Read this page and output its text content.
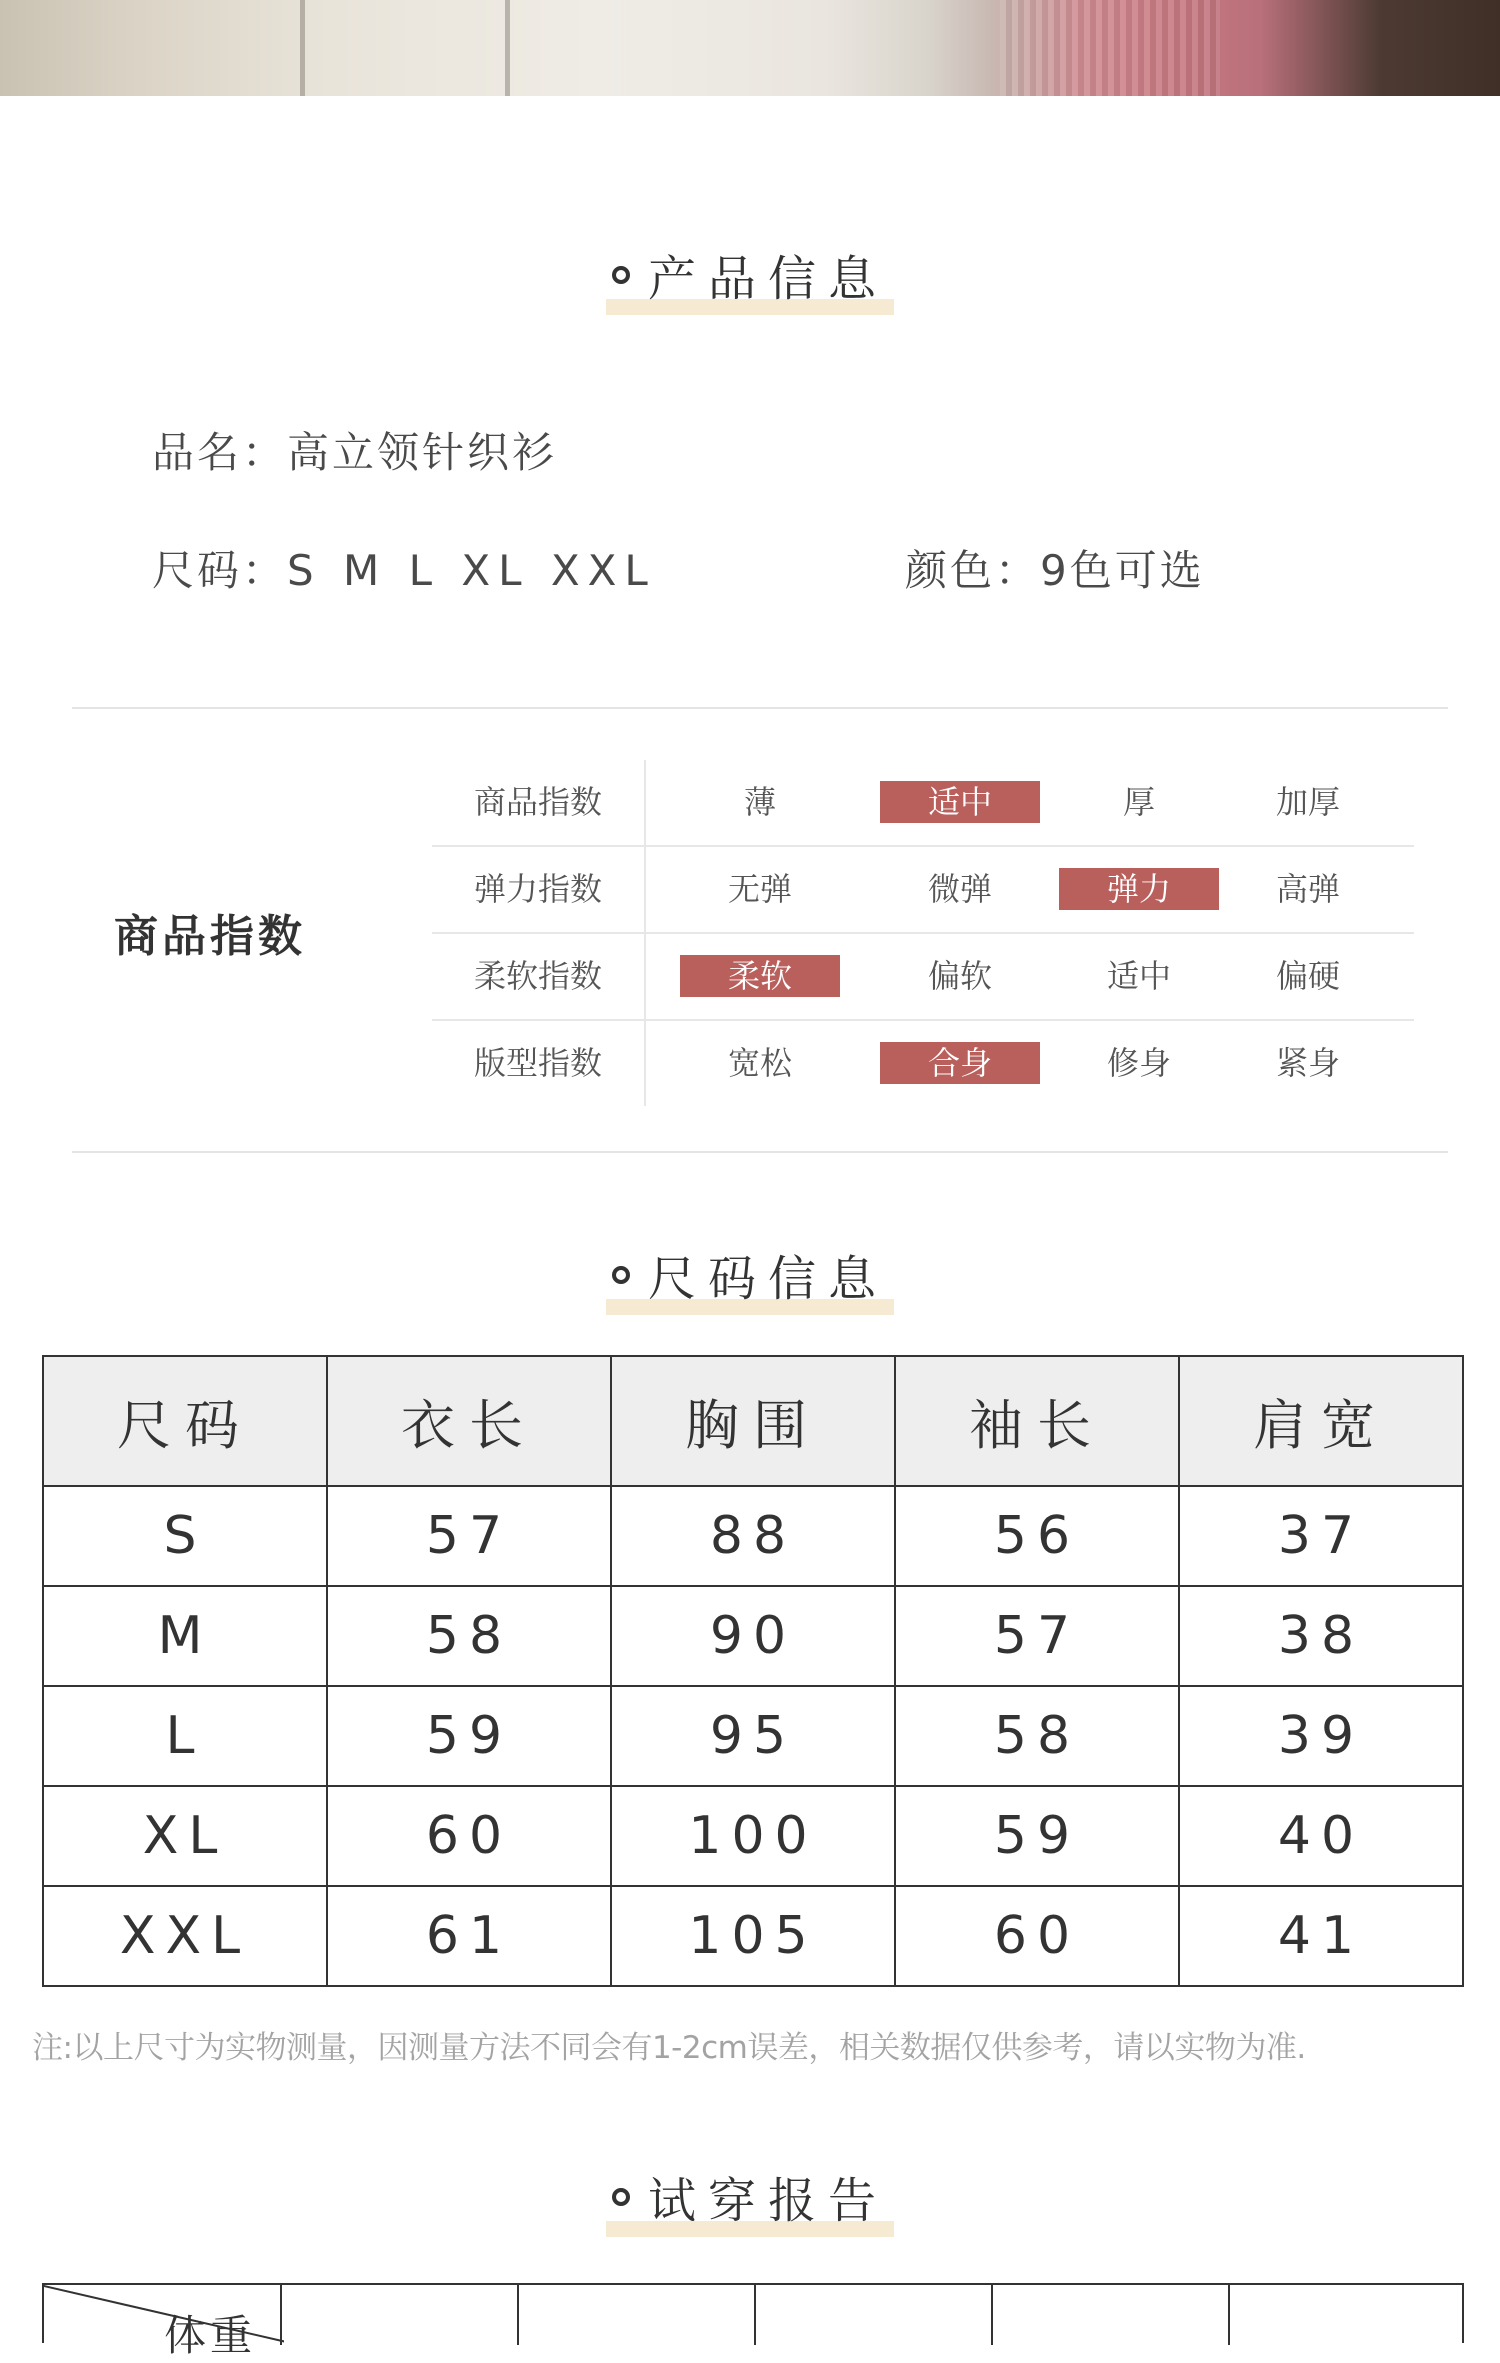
产品信息
品名：高立领针织衫
尺码：S M L XL XXL	颜色：9色可选
商品指数
商品指数	薄	适中	厚	加厚
弹力指数	无弹	微弹	弹力	高弹
柔软指数	柔软	偏软	适中	偏硬
版型指数	宽松	合身	修身	紧身
尺码信息
尺码	衣长	胸围	袖长	肩宽
S	57	88	56	37
M	58	90	57	38
L	59	95	58	39
XL	60	100	59	40
XXL	61	105	60	41
注:以上尺寸为实物测量，因测量方法不同会有1-2cm误差，相关数据仅供参考，请以实物为准.
试穿报告
体重
